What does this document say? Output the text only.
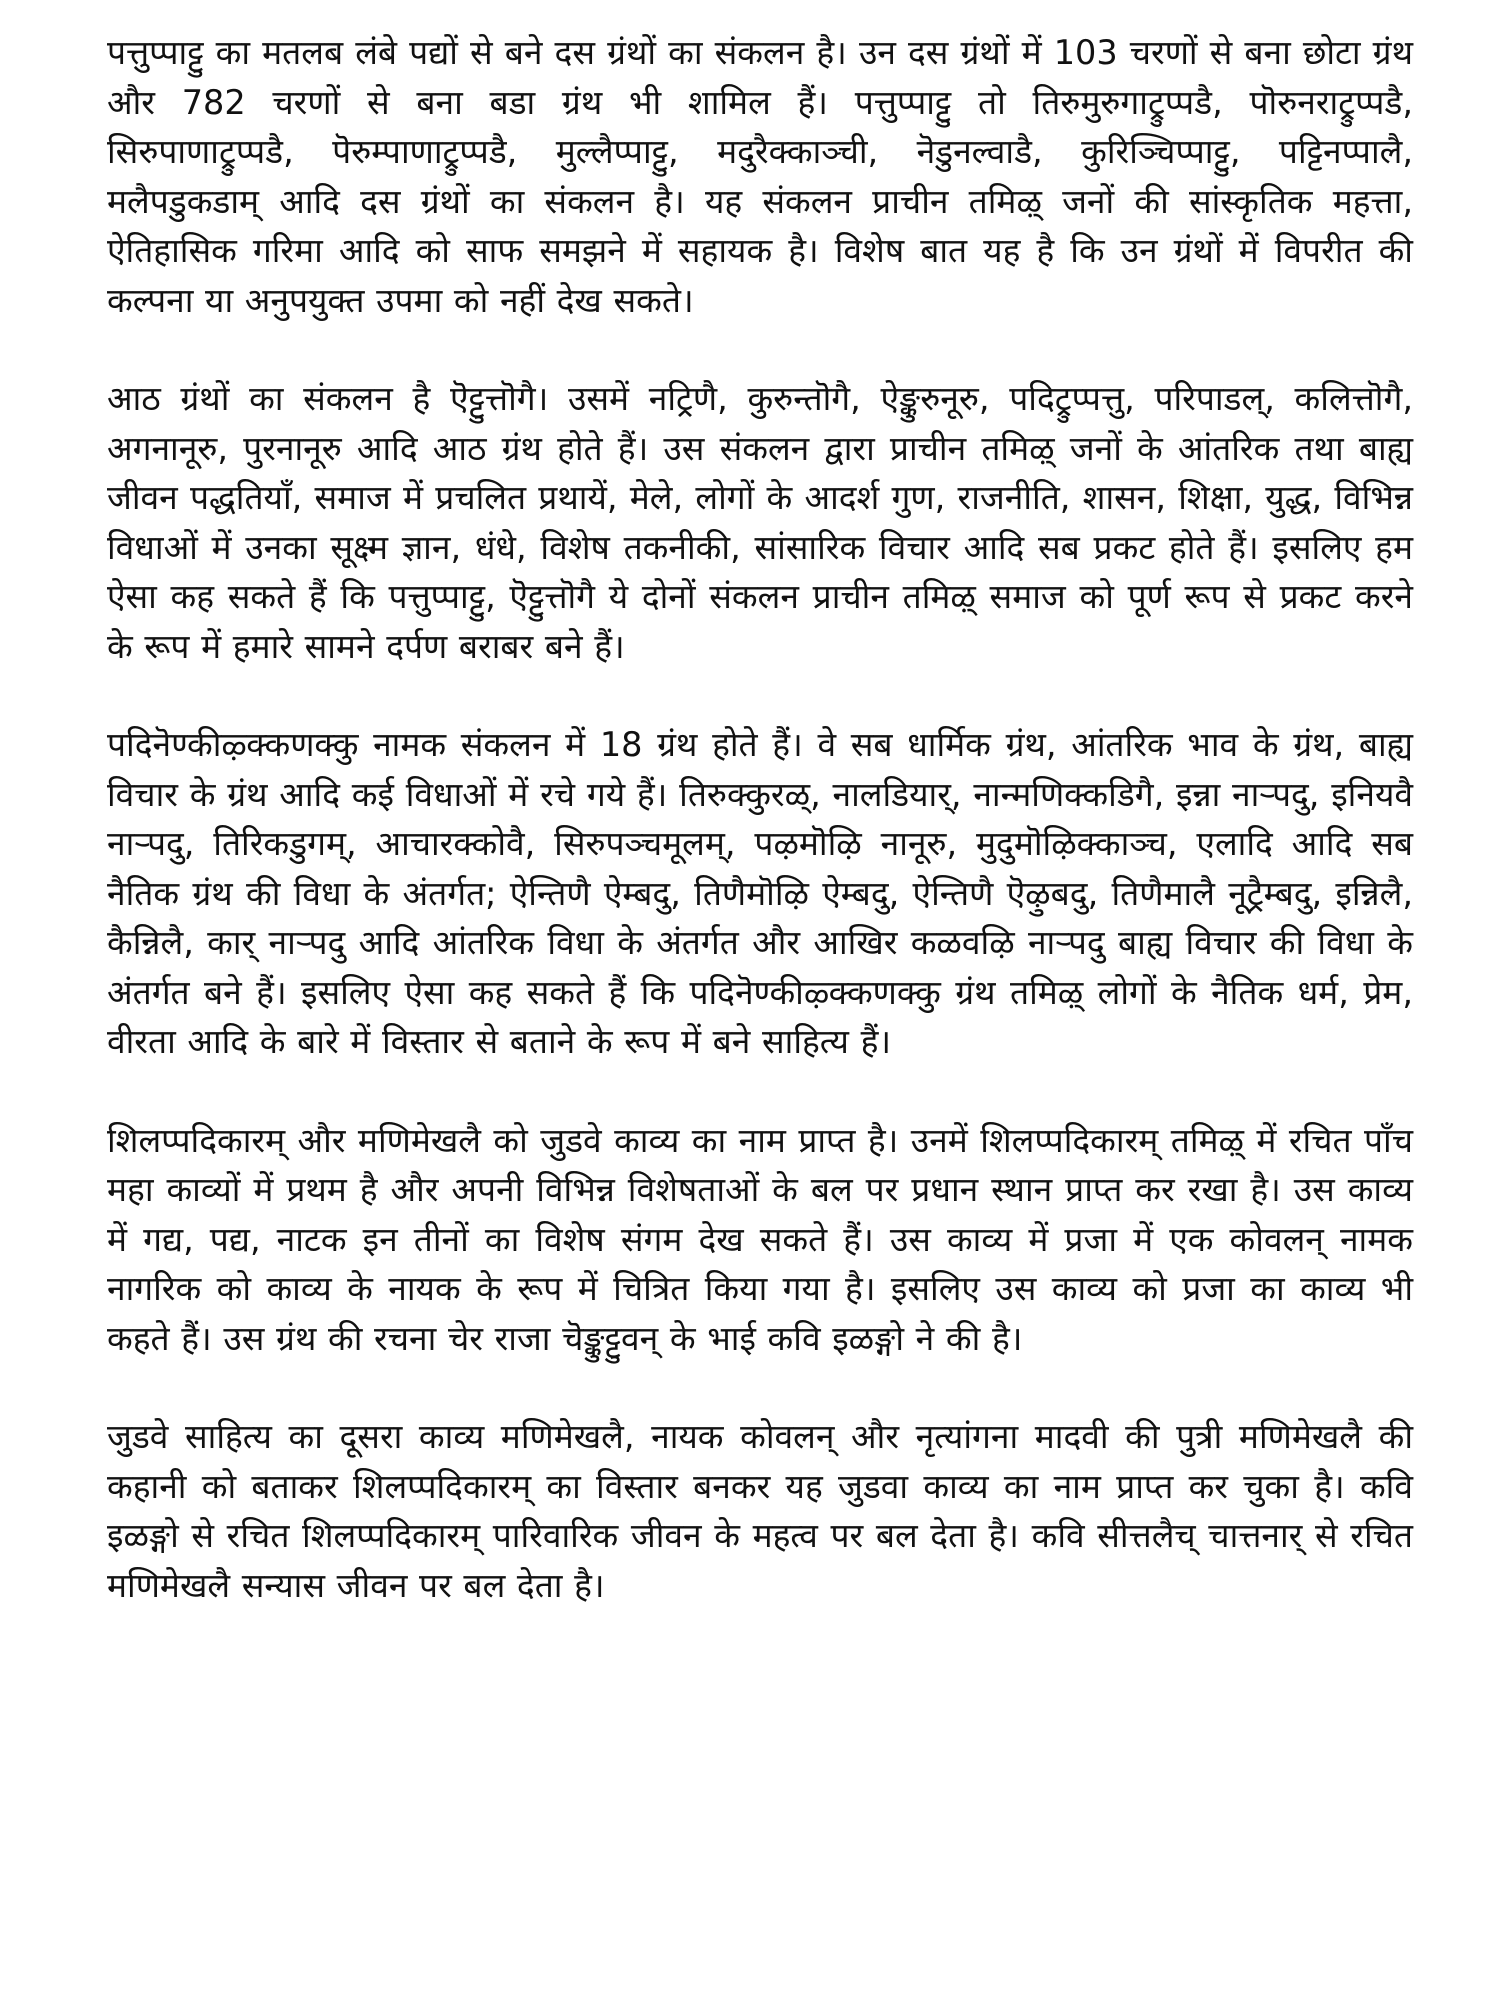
पत्तुप्पाट्टु का मतलब लंबे पद्यों से बने दस ग्रंथों का संकलन है। उन दस ग्रंथों में 103 चरणों से बना छोटा ग्रंथ और 782 चरणों से बना बडा ग्रंथ भी शामिल हैं। पत्तुप्पाट्टु तो तिरुमुरुगाट्रुप्पडै, पॊरुनराट्रुप्पडै, सिरुपाणाट्रुप्पडै, पॆरुम्पाणाट्रुप्पडै, मुल्लैप्पाट्टु, मदुरैक्काञ्ची, नॆडुनल्वाडै, कुरिञ्चिप्पाट्टु, पट्टिनप्पालै, मलैपडुकडाम् आदि दस ग्रंथों का संकलन है। यह संकलन प्राचीन तमिऴ् जनों की सांस्कृतिक महत्ता, ऐतिहासिक गरिमा आदि को साफ समझने में सहायक है। विशेष बात यह है कि उन ग्रंथों में विपरीत की कल्पना या अनुपयुक्त उपमा को नहीं देख सकते।

आठ ग्रंथों का संकलन है ऎट्टुत्तॊगै। उसमें नट्रिणै, कुरुन्तॊगै, ऐङ्कुरुनूरु, पदिट्रुप्पत्तु, परिपाडल्, कलित्तॊगै, अगनानूरु, पुरनानूरु आदि आठ ग्रंथ होते हैं। उस संकलन द्वारा प्राचीन तमिऴ् जनों के आंतरिक तथा बाह्य जीवन पद्धतियाँ, समाज में प्रचलित प्रथायें, मेले, लोगों के आदर्श गुण, राजनीति, शासन, शिक्षा, युद्ध, विभिन्न विधाओं में उनका सूक्ष्म ज्ञान, धंधे, विशेष तकनीकी, सांसारिक विचार आदि सब प्रकट होते हैं। इसलिए हम ऐसा कह सकते हैं कि पत्तुप्पाट्टु, ऎट्टुत्तॊगै ये दोनों संकलन प्राचीन तमिऴ् समाज को पूर्ण रूप से प्रकट करने के रूप में हमारे सामने दर्पण बराबर बने हैं।

पदिनॆण्कीऴ्क्कणक्कु नामक संकलन में 18 ग्रंथ होते हैं। वे सब धार्मिक ग्रंथ, आंतरिक भाव के ग्रंथ, बाह्य विचार के ग्रंथ आदि कई विधाओं में रचे गये हैं। तिरुक्कुरळ्, नालडियार्, नान्मणिक्कडिगै, इन्ना नाऱ्पदु, इनियवै नाऱ्पदु, तिरिकडुगम्, आचारक्कोवै, सिरुपञ्चमूलम्, पऴमॊऴि नानूरु, मुदुमॊऴिक्काञ्च, एलादि आदि सब नैतिक ग्रंथ की विधा के अंतर्गत; ऐन्तिणै ऐम्बदु, तिणैमॊऴि ऐम्बदु, ऐन्तिणै ऎऴुबदु, तिणैमालै नूट्रैम्बदु, इन्निलै, कैन्निलै, कार् नाऱ्पदु आदि आंतरिक विधा के अंतर्गत और आखिर कळवऴि नाऱ्पदु बाह्य विचार की विधा के अंतर्गत बने हैं। इसलिए ऐसा कह सकते हैं कि पदिनॆण्कीऴ्क्कणक्कु ग्रंथ तमिऴ् लोगों के नैतिक धर्म, प्रेम, वीरता आदि के बारे में विस्तार से बताने के रूप में बने साहित्य हैं।

शिलप्पदिकारम् और मणिमेखलै को जुडवे काव्य का नाम प्राप्त है। उनमें शिलप्पदिकारम् तमिऴ् में रचित पाँच महा काव्यों में प्रथम है और अपनी विभिन्न विशेषताओं के बल पर प्रधान स्थान प्राप्त कर रखा है। उस काव्य में गद्य, पद्य, नाटक इन तीनों का विशेष संगम देख सकते हैं। उस काव्य में प्रजा में एक कोवलन् नामक नागरिक को काव्य के नायक के रूप में चित्रित किया गया है। इसलिए उस काव्य को प्रजा का काव्य भी कहते हैं। उस ग्रंथ की रचना चेर राजा चॆङ्कुट्टुवन् के भाई कवि इळङ्गो ने की है।

जुडवे साहित्य का दूसरा काव्य मणिमेखलै, नायक कोवलन् और नृत्यांगना मादवी की पुत्री मणिमेखलै की कहानी को बताकर शिलप्पदिकारम् का विस्तार बनकर यह जुडवा काव्य का नाम प्राप्त कर चुका है। कवि इळङ्गो से रचित शिलप्पदिकारम् पारिवारिक जीवन के महत्व पर बल देता है। कवि सीत्तलैच् चात्तनार् से रचित मणिमेखलै सन्यास जीवन पर बल देता है।
